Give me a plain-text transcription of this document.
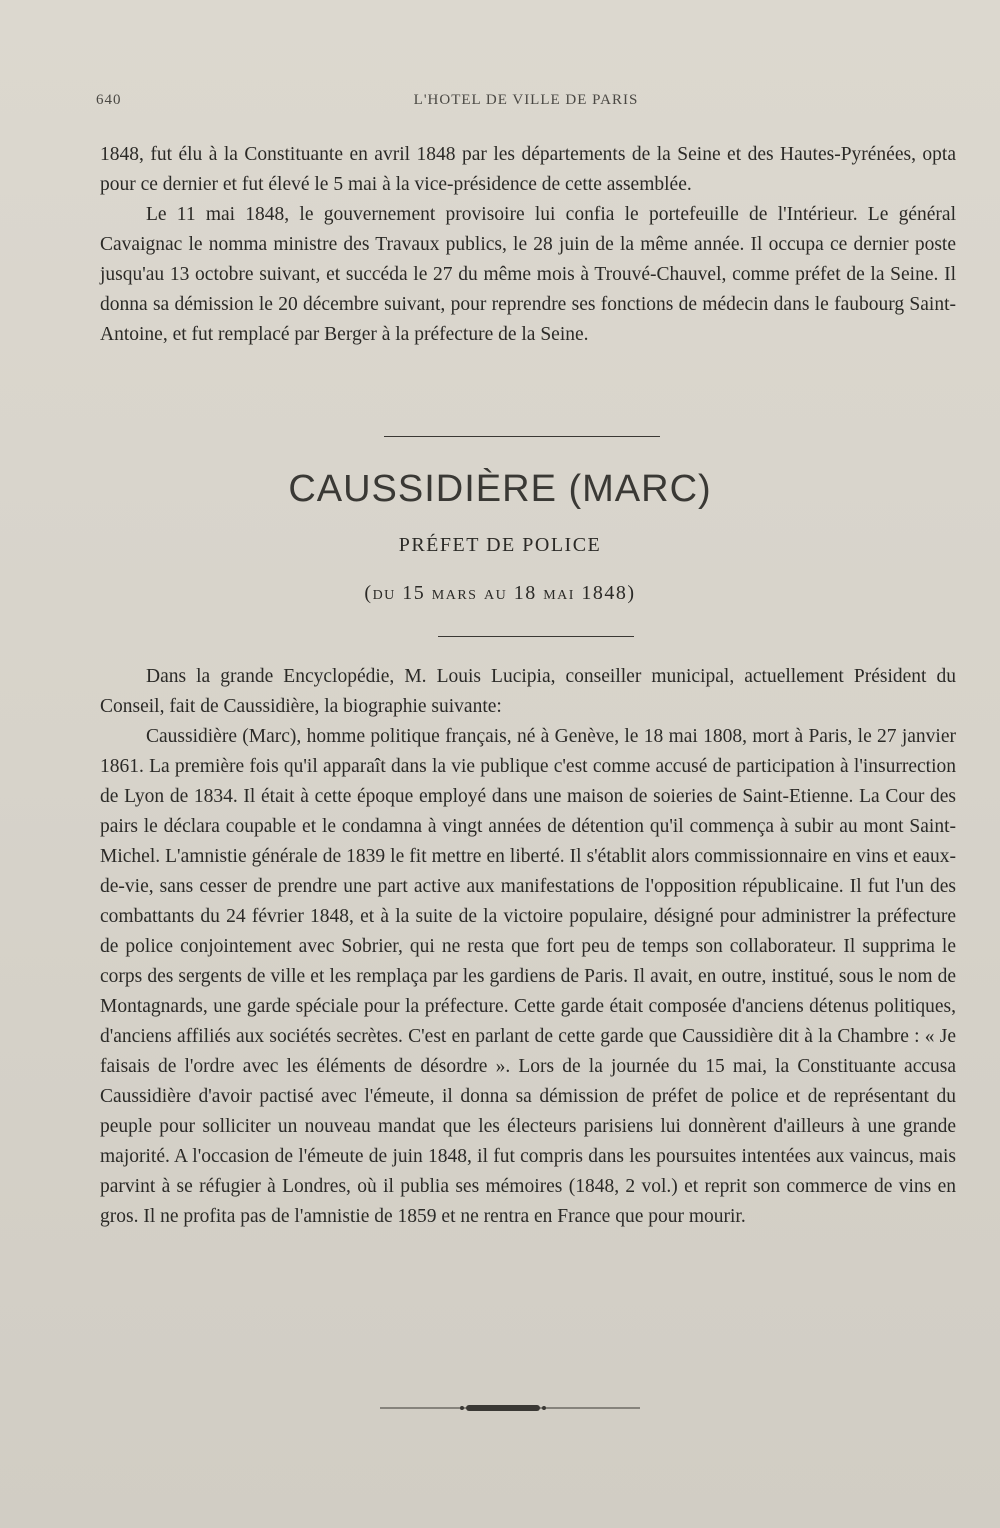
640	L'HOTEL DE VILLE DE PARIS

1848, fut élu à la Constituante en avril 1848 par les départements de la Seine et des Hautes-Pyrénées, opta pour ce dernier et fut élevé le 5 mai à la vice-présidence de cette assemblée.

Le 11 mai 1848, le gouvernement provisoire lui confia le portefeuille de l'Intérieur. Le général Cavaignac le nomma ministre des Travaux publics, le 28 juin de la même année. Il occupa ce dernier poste jusqu'au 13 octobre suivant, et succéda le 27 du même mois à Trouvé-Chauvel, comme préfet de la Seine. Il donna sa démission le 20 décembre suivant, pour reprendre ses fonctions de médecin dans le faubourg Saint-Antoine, et fut remplacé par Berger à la préfecture de la Seine.

CAUSSIDIÈRE (MARC)
PRÉFET DE POLICE
(du 15 mars au 18 mai 1848)

Dans la grande Encyclopédie, M. Louis Lucipia, conseiller municipal, actuellement Président du Conseil, fait de Caussidière, la biographie suivante:

Caussidière (Marc), homme politique français, né à Genève, le 18 mai 1808, mort à Paris, le 27 janvier 1861. La première fois qu'il apparaît dans la vie publique c'est comme accusé de participation à l'insurrection de Lyon de 1834. Il était à cette époque employé dans une maison de soieries de Saint-Etienne. La Cour des pairs le déclara coupable et le condamna à vingt années de détention qu'il commença à subir au mont Saint-Michel. L'amnistie générale de 1839 le fit mettre en liberté. Il s'établit alors commissionnaire en vins et eaux-de-vie, sans cesser de prendre une part active aux manifestations de l'opposition républicaine. Il fut l'un des combattants du 24 février 1848, et à la suite de la victoire populaire, désigné pour administrer la préfecture de police conjointement avec Sobrier, qui ne resta que fort peu de temps son collaborateur. Il supprima le corps des sergents de ville et les remplaça par les gardiens de Paris. Il avait, en outre, institué, sous le nom de Montagnards, une garde spéciale pour la préfecture. Cette garde était composée d'anciens détenus politiques, d'anciens affiliés aux sociétés secrètes. C'est en parlant de cette garde que Caussidière dit à la Chambre : « Je faisais de l'ordre avec les éléments de désordre ». Lors de la journée du 15 mai, la Constituante accusa Caussidière d'avoir pactisé avec l'émeute, il donna sa démission de préfet de police et de représentant du peuple pour solliciter un nouveau mandat que les électeurs parisiens lui donnèrent d'ailleurs à une grande majorité. A l'occasion de l'émeute de juin 1848, il fut compris dans les poursuites intentées aux vaincus, mais parvint à se réfugier à Londres, où il publia ses mémoires (1848, 2 vol.) et reprit son commerce de vins en gros. Il ne profita pas de l'amnistie de 1859 et ne rentra en France que pour mourir.
